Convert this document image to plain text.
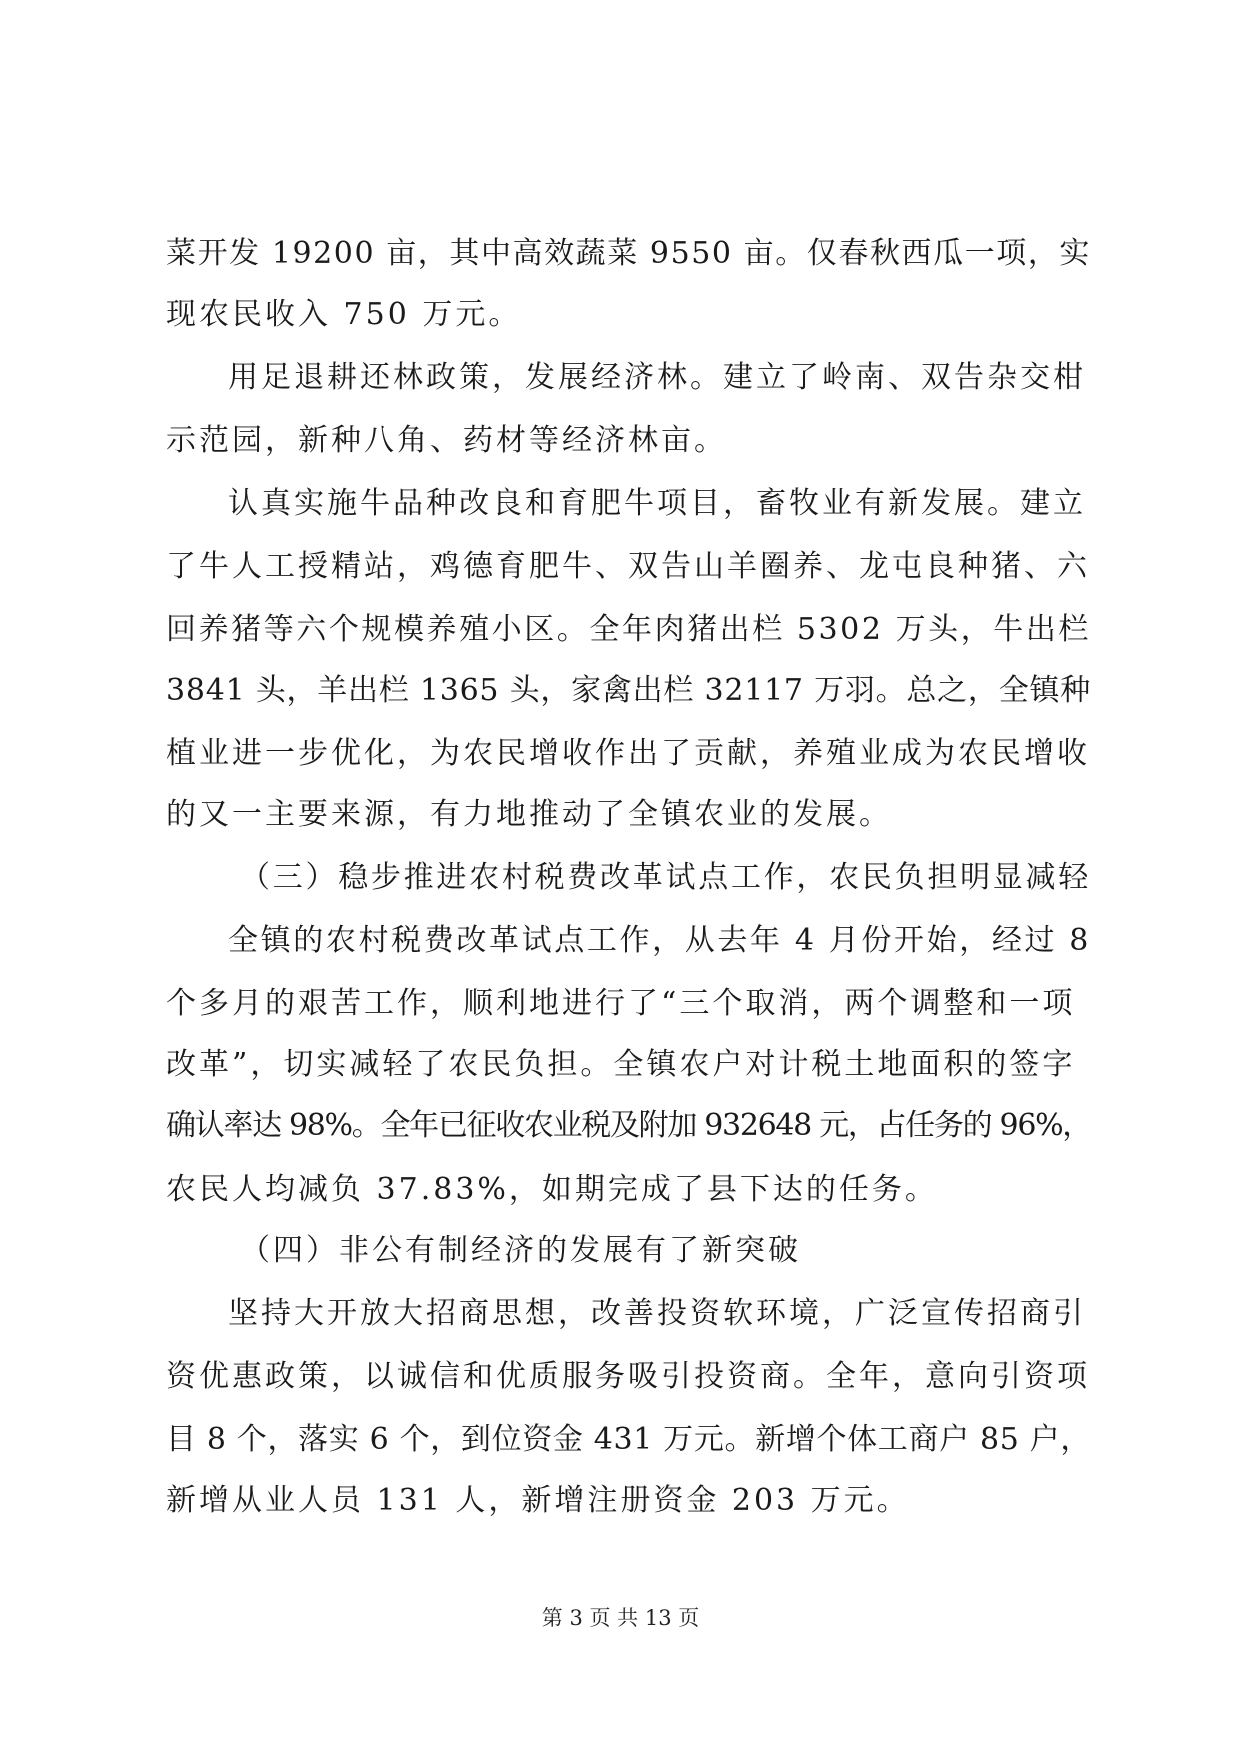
菜开发 19200 亩，其中高效蔬菜 9550 亩。仅春秋西瓜一项，实
现农民收入 750 万元。
用足退耕还林政策，发展经济林。建立了岭南、双告杂交柑
示范园，新种八角、药材等经济林亩。
认真实施牛品种改良和育肥牛项目，畜牧业有新发展。建立
了牛人工授精站，鸡德育肥牛、双告山羊圈养、龙屯良种猪、六
回养猪等六个规模养殖小区。全年肉猪出栏 5302 万头，牛出栏
3841 头，羊出栏 1365 头，家禽出栏 32117 万羽。总之，全镇种
植业进一步优化，为农民增收作出了贡献，养殖业成为农民增收
的又一主要来源，有力地推动了全镇农业的发展。
（三）稳步推进农村税费改革试点工作，农民负担明显减轻
全镇的农村税费改革试点工作，从去年 4 月份开始，经过 8
个多月的艰苦工作，顺利地进行了“三个取消，两个调整和一项
改革”，切实减轻了农民负担。全镇农户对计税土地面积的签字
确认率达 98%。全年已征收农业税及附加 932648 元，占任务的 96%，
农民人均减负 37.83%，如期完成了县下达的任务。
（四）非公有制经济的发展有了新突破
坚持大开放大招商思想，改善投资软环境，广泛宣传招商引
资优惠政策，以诚信和优质服务吸引投资商。全年，意向引资项
目 8 个，落实 6 个，到位资金 431 万元。新增个体工商户 85 户，
新增从业人员 131 人，新增注册资金 203 万元。
第 3 页 共 13 页
